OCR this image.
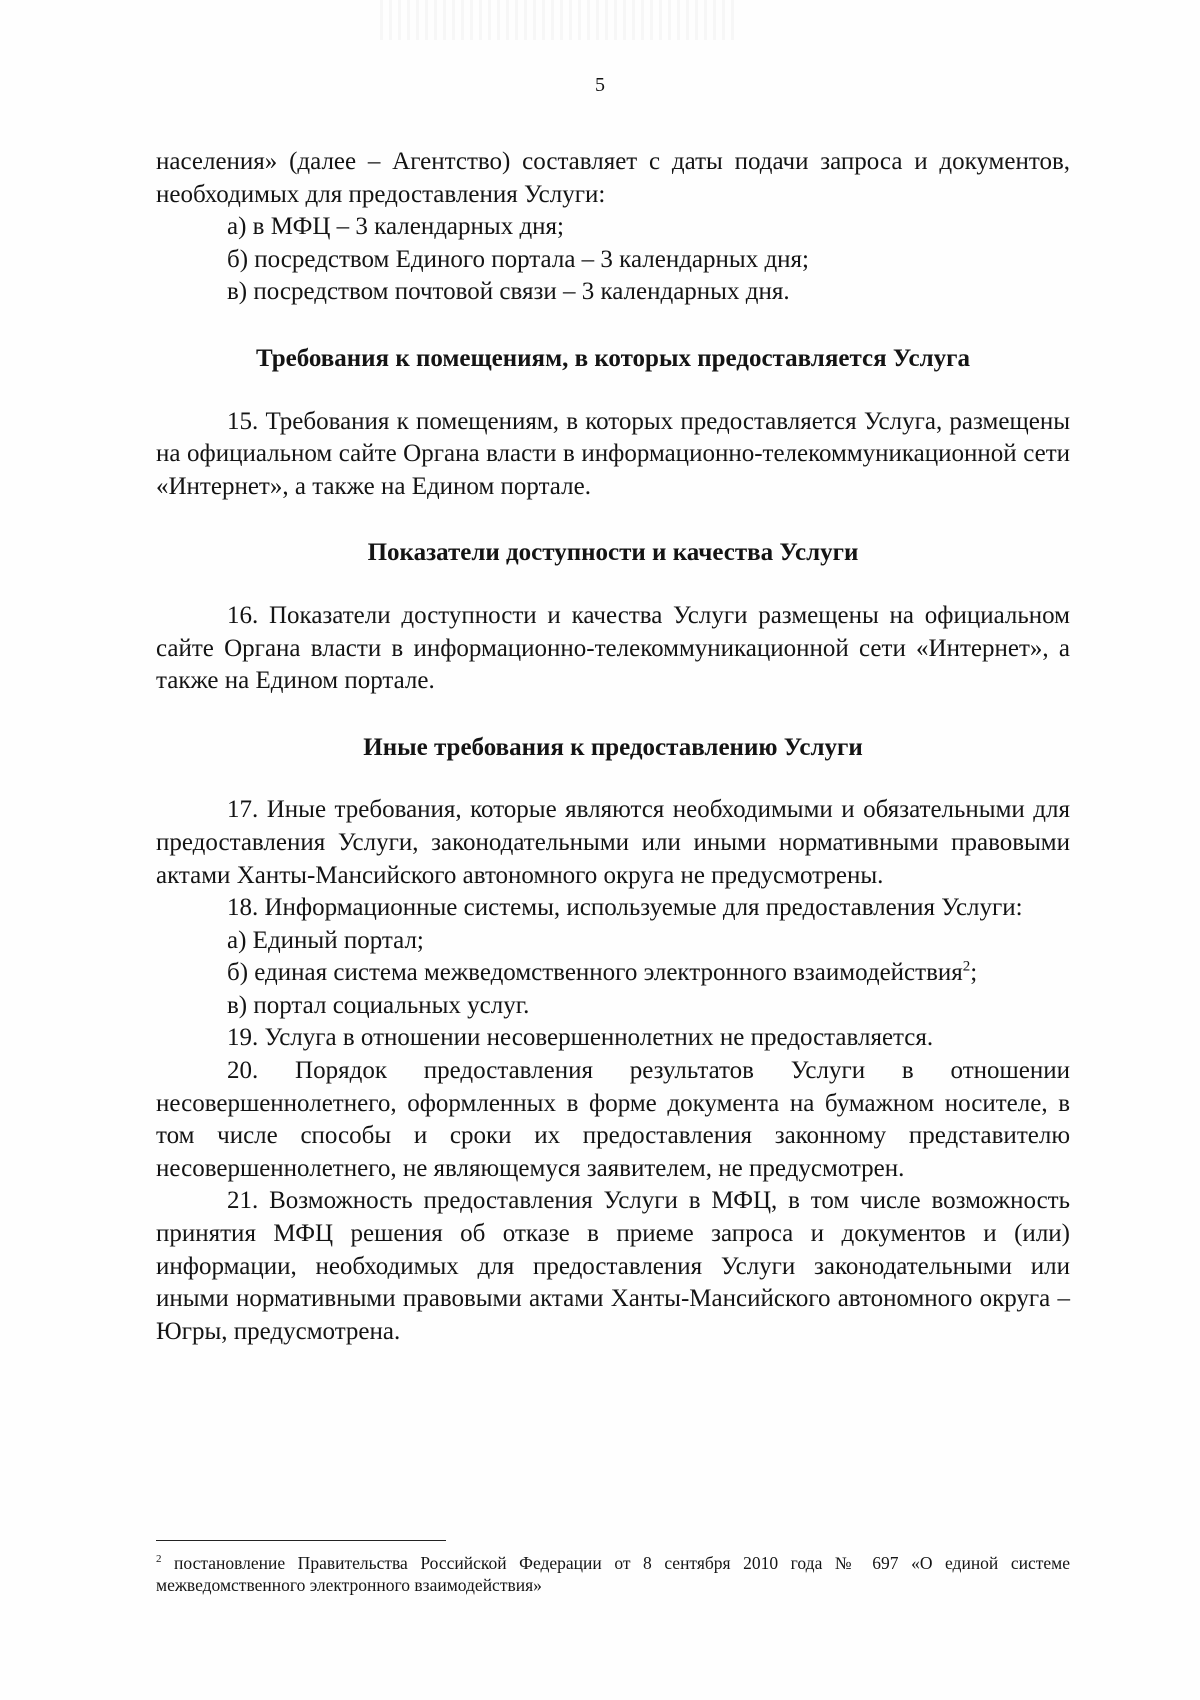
5

населения» (далее – Агентство) составляет с даты подачи запроса и документов, необходимых для предоставления Услуги:

а) в МФЦ – 3 календарных дня;

б) посредством Единого портала – 3 календарных дня;

в) посредством почтовой связи – 3 календарных дня.

Требования к помещениям, в которых предоставляется Услуга

15. Требования к помещениям, в которых предоставляется Услуга, размещены на официальном сайте Органа власти в информационно-телекоммуникационной сети «Интернет», а также на Едином портале.

Показатели доступности и качества Услуги

16. Показатели доступности и качества Услуги размещены на официальном сайте Органа власти в информационно-телекоммуникационной сети «Интернет», а также на Едином портале.

Иные требования к предоставлению Услуги

17. Иные требования, которые являются необходимыми и обязательными для предоставления Услуги, законодательными или иными нормативными правовыми актами Ханты-Мансийского автономного округа не предусмотрены.

18. Информационные системы, используемые для предоставления Услуги:

а) Единый портал;

б) единая система межведомственного электронного взаимодействия$^2$;

в) портал социальных услуг.

19. Услуга в отношении несовершеннолетних не предоставляется.

20. Порядок предоставления результатов Услуги в отношении несовершеннолетнего, оформленных в форме документа на бумажном носителе, в том числе способы и сроки их предоставления законному представителю несовершеннолетнего, не являющемуся заявителем, не предусмотрен.

21. Возможность предоставления Услуги в МФЦ, в том числе возможность принятия МФЦ решения об отказе в приеме запроса и документов и (или) информации, необходимых для предоставления Услуги законодательными или иными нормативными правовыми актами Ханты-Мансийского автономного округа – Югры, предусмотрена.

$^2$ постановление Правительства Российской Федерации от 8 сентября 2010 года № 697 «О единой системе межведомственного электронного взаимодействия»
